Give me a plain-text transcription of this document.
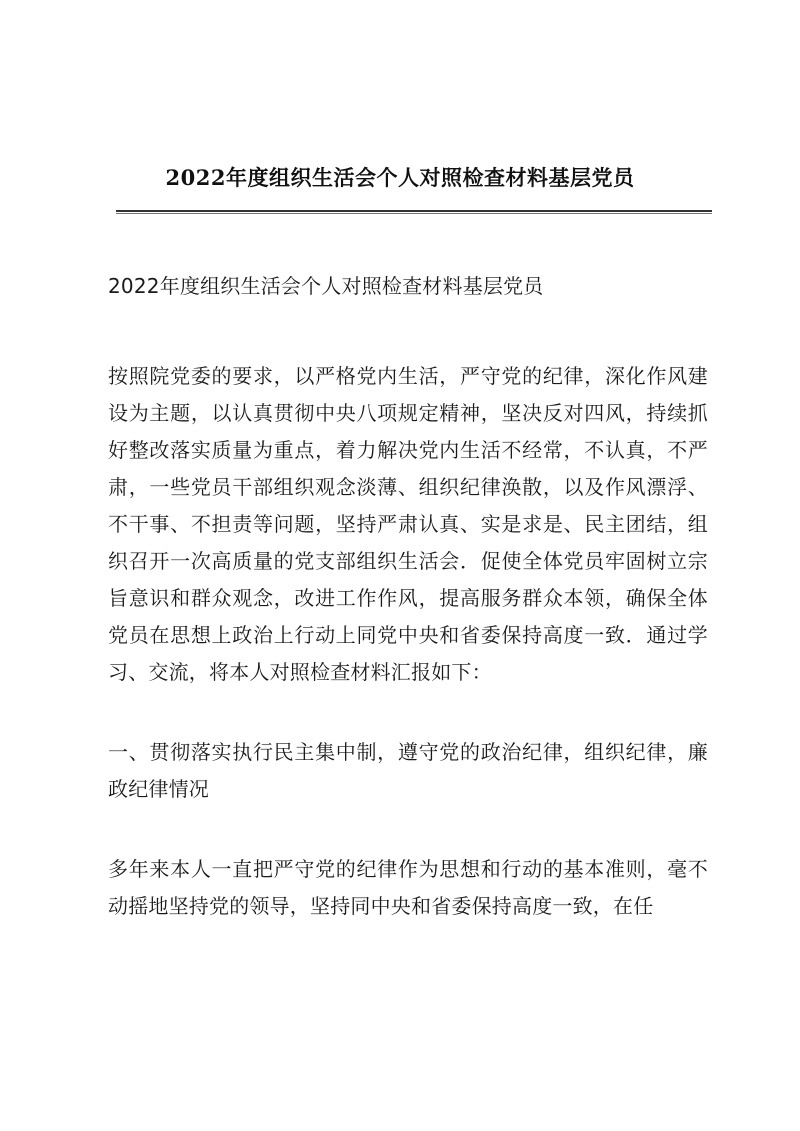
2022年度组织生活会个人对照检查材料基层党员

2022年度组织生活会个人对照检查材料基层党员

按照院党委的要求，以严格党内生活，严守党的纪律，深化作风建设为主题，以认真贯彻中央八项规定精神，坚决反对四风，持续抓好整改落实质量为重点，着力解决党内生活不经常，不认真，不严肃，一些党员干部组织观念淡薄、组织纪律涣散，以及作风漂浮、不干事、不担责等问题，坚持严肃认真、实是求是、民主团结，组织召开一次高质量的党支部组织生活会．促使全体党员牢固树立宗旨意识和群众观念，改进工作作风，提高服务群众本领，确保全体党员在思想上政治上行动上同党中央和省委保持高度一致．通过学习、交流，将本人对照检查材料汇报如下：

一、贯彻落实执行民主集中制，遵守党的政治纪律，组织纪律，廉政纪律情况

多年来本人一直把严守党的纪律作为思想和行动的基本准则，毫不动摇地坚持党的领导，坚持同中央和省委保持高度一致，在任
